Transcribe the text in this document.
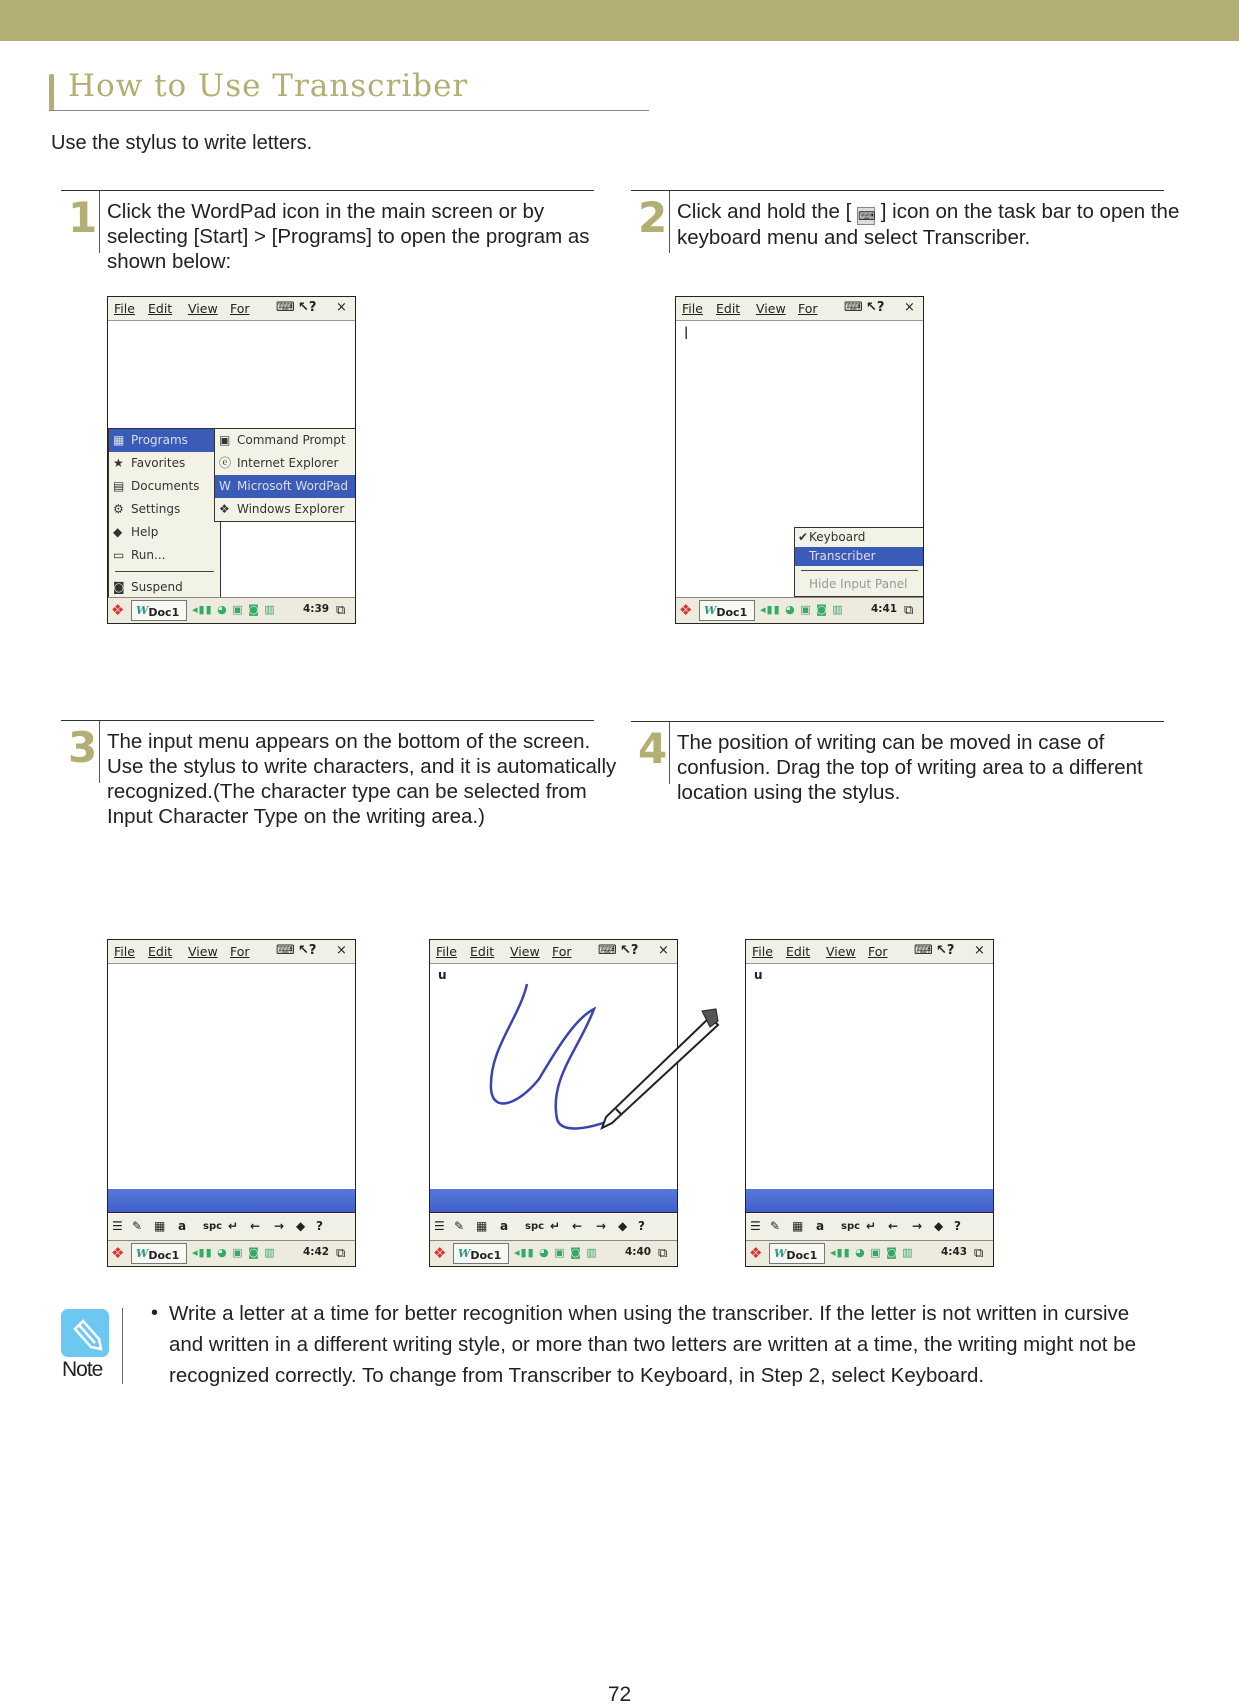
How to Use Transcriber
Use the stylus to write letters.
1 Click the WordPad icon in the main screen or by selecting [Start] > [Programs] to open the program as shown below:
2 Click and hold the [ ⌨ ] icon on the task bar to open the keyboard menu and select Transcriber.
3 The input menu appears on the bottom of the screen. Use the stylus to write characters, and it is automatically recognized.(The character type can be selected from Input Character Type on the writing area.)
4 The position of writing can be moved in case of confusion. Drag the top of writing area to a different location using the stylus.
File Edit View For ⌨ ↖? ×
▦ Programs
★ Favorites
▤ Documents
⚙ Settings
◆ Help
▭ Run...
◙ Suspend
▣ Command Prompt
ⓔ Internet Explorer
W Microsoft WordPad
❖ Windows Explorer
❖	W Doc1 ◂▮▮ ◕ ▣ ◙ ▥	4:39 ⧉
File Edit View For ⌨ ↖? ×
|
✔ Keyboard
Transcriber
Hide Input Panel
❖	W Doc1 ◂▮▮ ◕ ▣ ◙ ▥	4:41 ⧉
File Edit View For ⌨ ↖? ×
☰ ✎ ▦ a spc ↵ ← → ◆ ?
❖	W Doc1 ◂▮▮ ◕ ▣ ◙ ▥	4:42 ⧉
File Edit View For ⌨ ↖? ×
u
☰ ✎ ▦ a spc ↵ ← → ◆ ?
❖	W Doc1 ◂▮▮ ◕ ▣ ◙ ▥	4:40 ⧉
File Edit View For ⌨ ↖? ×
u
☰ ✎ ▦ a spc ↵ ← → ◆ ?
❖	W Doc1 ◂▮▮ ◕ ▣ ◙ ▥	4:43 ⧉
Note
• Write a letter at a time for better recognition when using the transcriber. If the letter is not written in cursive and written in a different writing style, or more than two letters are written at a time, the writing might not be recognized correctly. To change from Transcriber to Keyboard, in Step 2, select Keyboard.
72
